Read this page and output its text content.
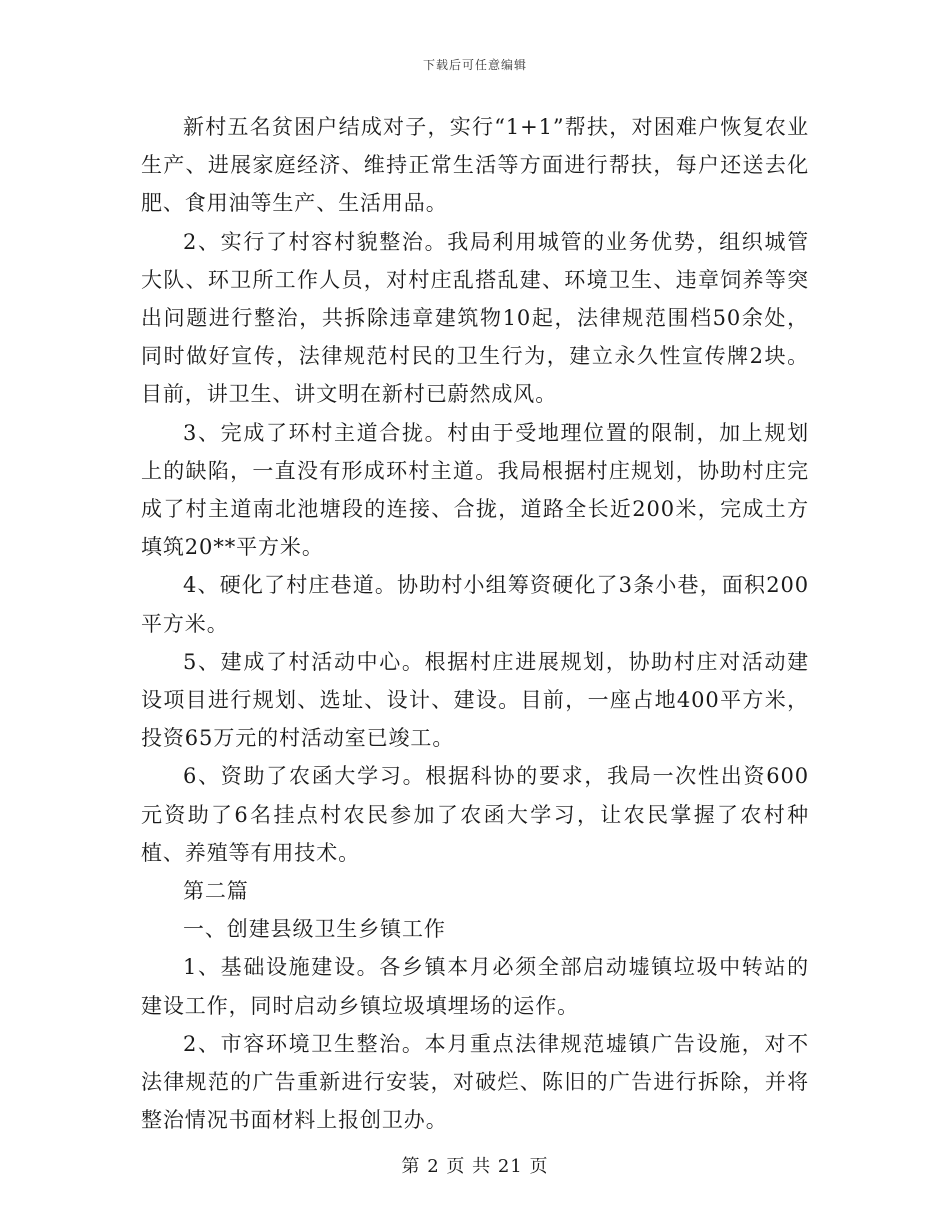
下载后可任意编辑

新村五名贫困户结成对子，实行“1+1”帮扶，对困难户恢复农业生产、进展家庭经济、维持正常生活等方面进行帮扶，每户还送去化肥、食用油等生产、生活用品。

2、实行了村容村貌整治。我局利用城管的业务优势，组织城管大队、环卫所工作人员，对村庄乱搭乱建、环境卫生、违章饲养等突出问题进行整治，共拆除违章建筑物10起，法律规范围档50余处，同时做好宣传，法律规范村民的卫生行为，建立永久性宣传牌2块。目前，讲卫生、讲文明在新村已蔚然成风。

3、完成了环村主道合拢。村由于受地理位置的限制，加上规划上的缺陷，一直没有形成环村主道。我局根据村庄规划，协助村庄完成了村主道南北池塘段的连接、合拢，道路全长近200米，完成土方填筑20**平方米。

4、硬化了村庄巷道。协助村小组筹资硬化了3条小巷，面积200平方米。

5、建成了村活动中心。根据村庄进展规划，协助村庄对活动建设项目进行规划、选址、设计、建设。目前，一座占地400平方米，投资65万元的村活动室已竣工。

6、资助了农函大学习。根据科协的要求，我局一次性出资600元资助了6名挂点村农民参加了农函大学习，让农民掌握了农村种植、养殖等有用技术。

第二篇

一、创建县级卫生乡镇工作

1、基础设施建设。各乡镇本月必须全部启动墟镇垃圾中转站的建设工作，同时启动乡镇垃圾填埋场的运作。

2、市容环境卫生整治。本月重点法律规范墟镇广告设施，对不法律规范的广告重新进行安装，对破烂、陈旧的广告进行拆除，并将整治情况书面材料上报创卫办。

第 2 页 共 21 页
